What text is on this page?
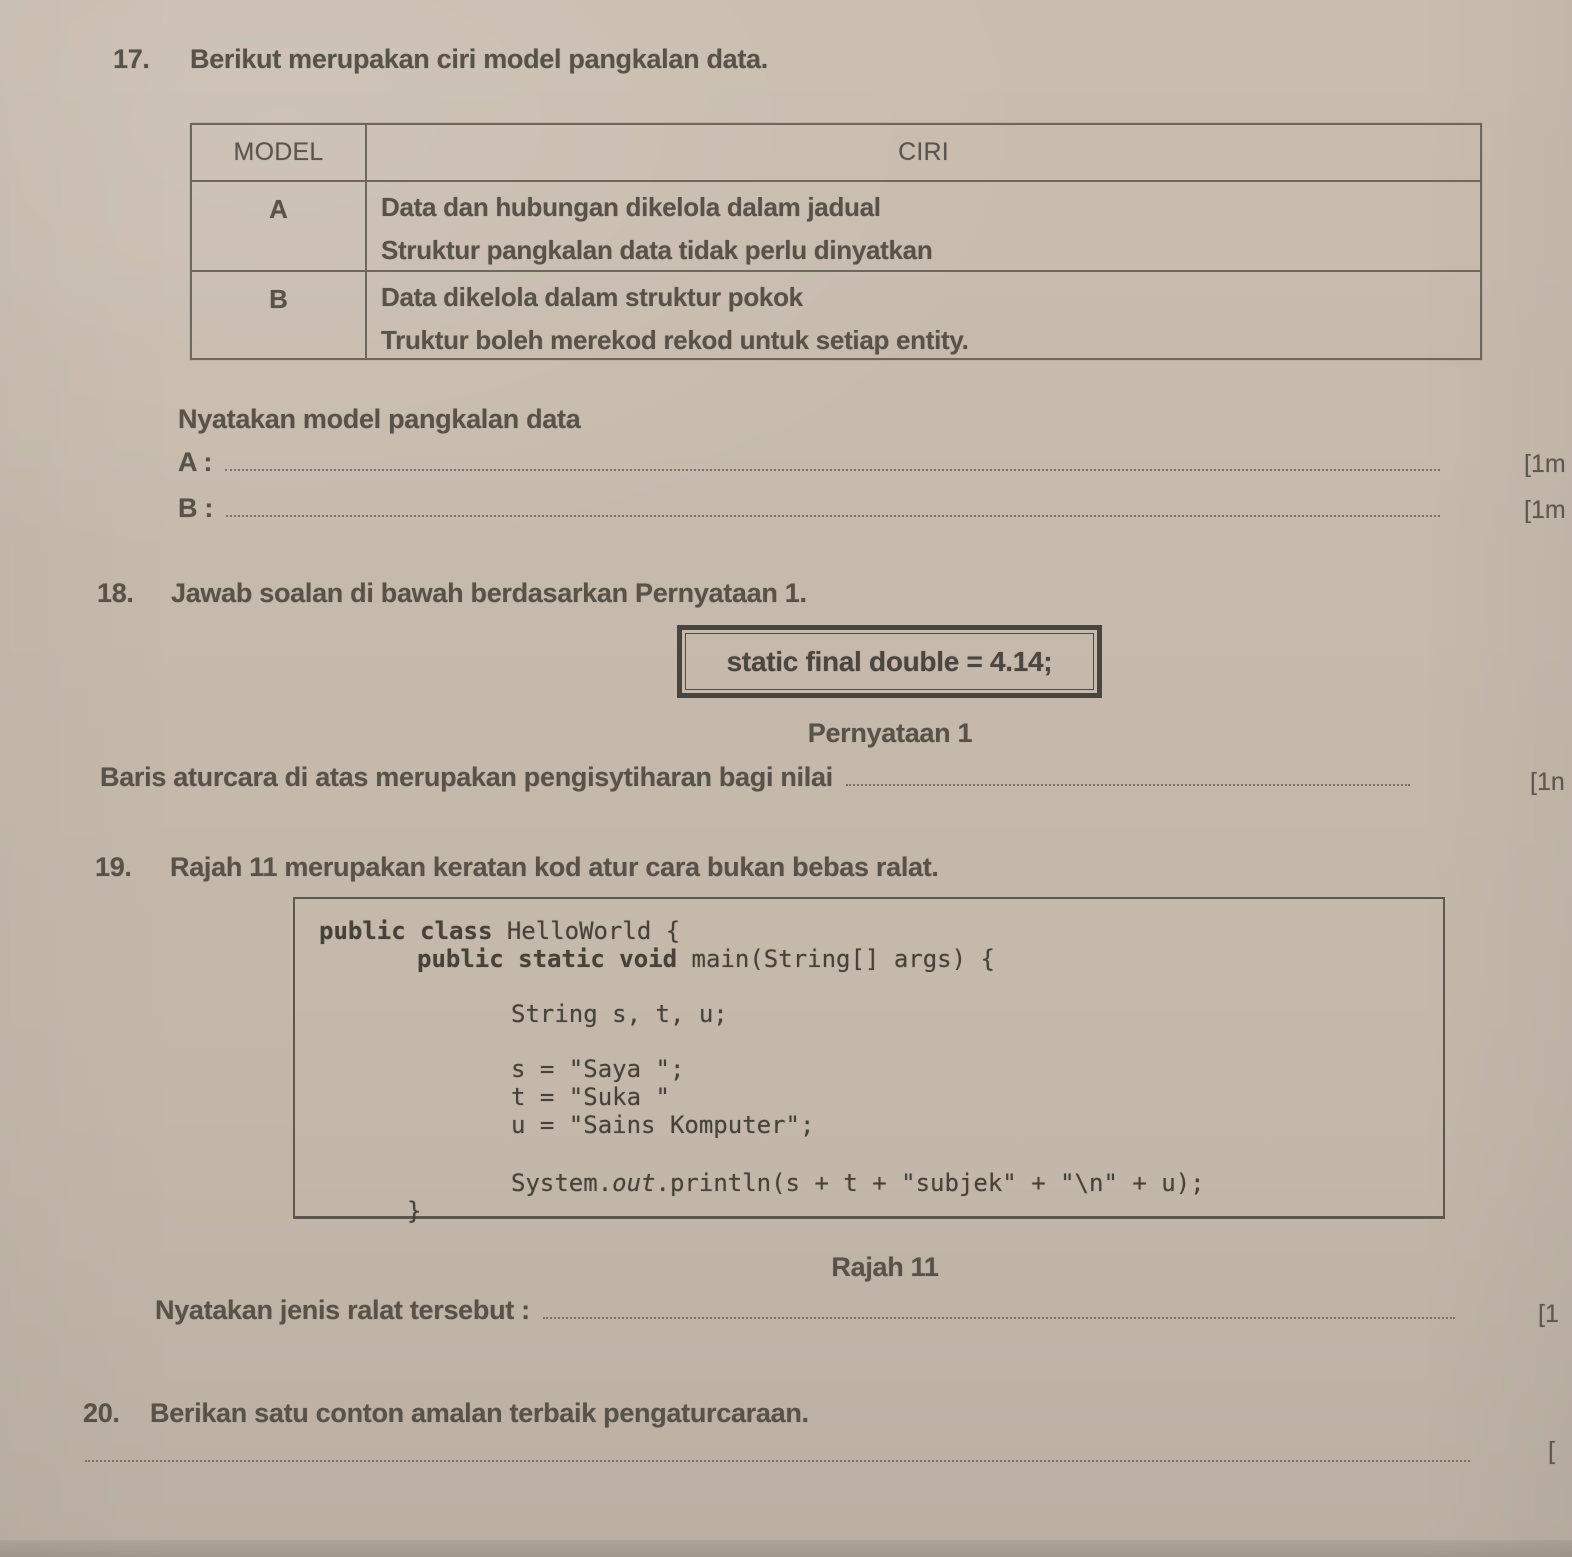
17.	Berikut merupakan ciri model pangkalan data.
MODEL	CIRI
A	Data dan hubungan dikelola dalam jadual

Struktur pangkalan data tidak perlu dinyatkan

B	Data dikelola dalam struktur pokok

Truktur boleh merekod rekod untuk setiap entity.

Nyatakan model pangkalan data
A :	[1m
B :	[1m
18.	Jawab soalan di bawah berdasarkan Pernyataan 1.
static final double = 4.14;
Pernyataan 1
Baris aturcara di atas merupakan pengisytiharan bagi nilai	[1n
19.	Rajah 11 merupakan keratan kod atur cara bukan bebas ralat.
public class HelloWorld {
public static void main(String[] args) {
String s, t, u;
s = "Saya ";
t = "Suka "
u = "Sains Komputer";
System.out.println(s + t + "subjek" + "\n" + u);
}
Rajah 11
Nyatakan jenis ralat tersebut :	[1
20.	Berikan satu conton amalan terbaik pengaturcaraan.
[
